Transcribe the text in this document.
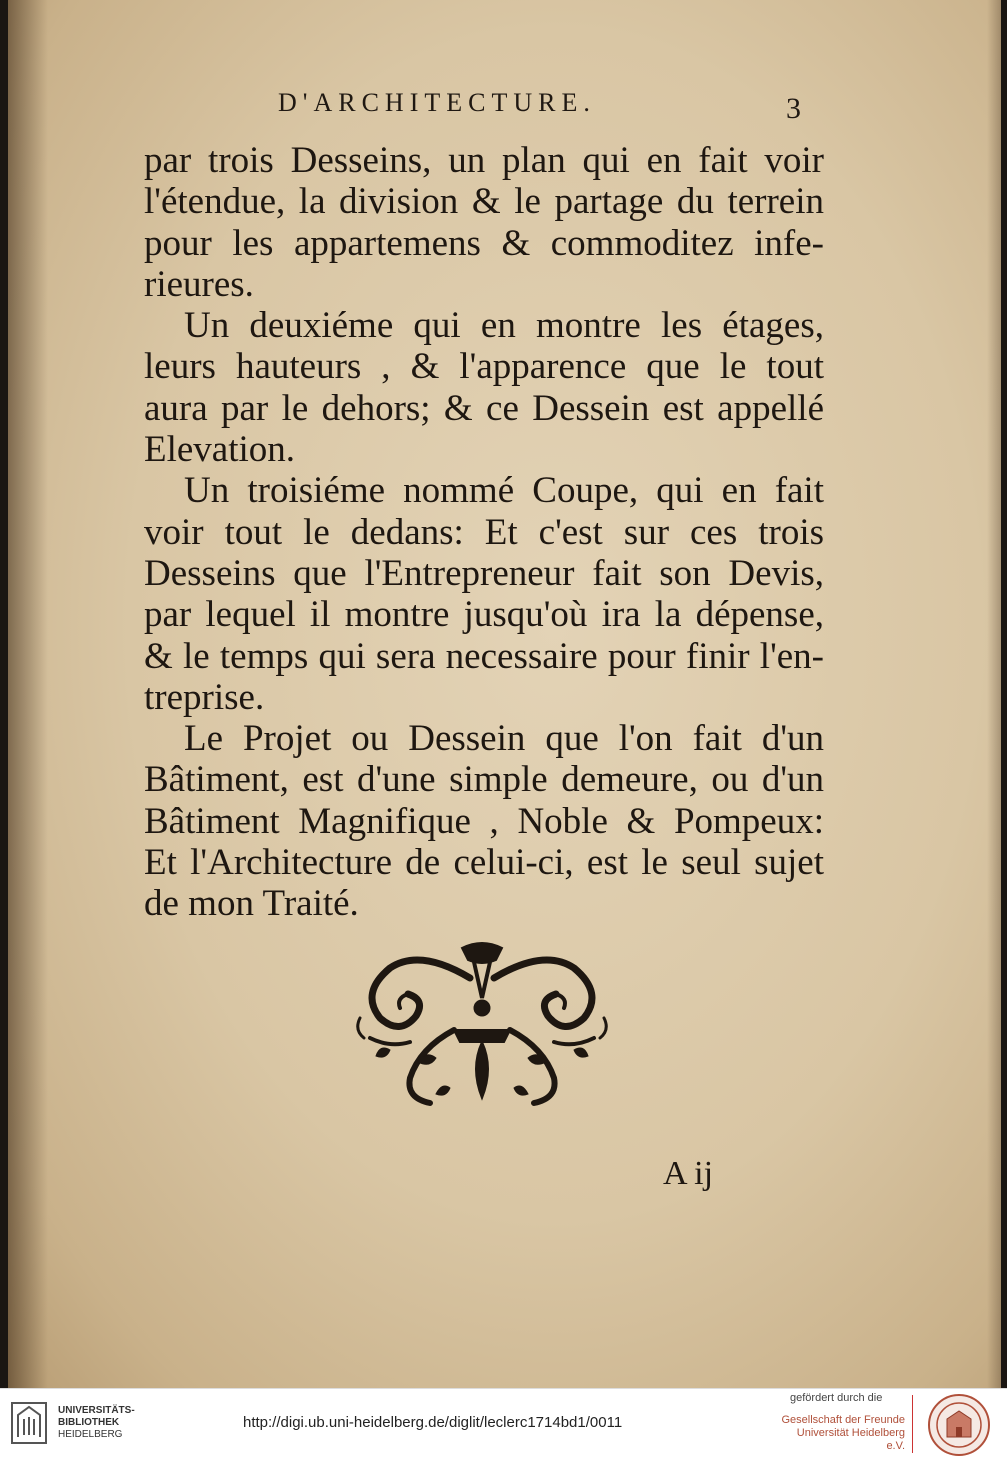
D'ARCHITECTURE.	3
par trois Desseins, un plan qui en fait voir
l'étendue, la division & le partage du terrein
pour les appartemens & commoditez infe-
rieures.
Un deuxiéme qui en montre les étages,
leurs hauteurs , & l'apparence que le tout
aura par le dehors; & ce Dessein est appellé
Elevation.
Un troisiéme nommé Coupe, qui en fait
voir tout le dedans: Et c'est sur ces trois
Desseins que l'Entrepreneur fait son Devis,
par lequel il montre jusqu'où ira la dépense,
& le temps qui sera necessaire pour finir l'en-
treprise.
Le Projet ou Dessein que l'on fait d'un
Bâtiment, est d'une simple demeure, ou d'un
Bâtiment Magnifique , Noble & Pompeux:
Et l'Architecture de celui-ci, est le seul sujet
de mon Traité.
A ij
UNIVERSITÄTS-
BIBLIOTHEK
HEIDELBERG
http://digi.ub.uni-heidelberg.de/diglit/leclerc1714bd1/0011
gefördert durch die
Gesellschaft der Freunde
Universität Heidelberg e.V.
